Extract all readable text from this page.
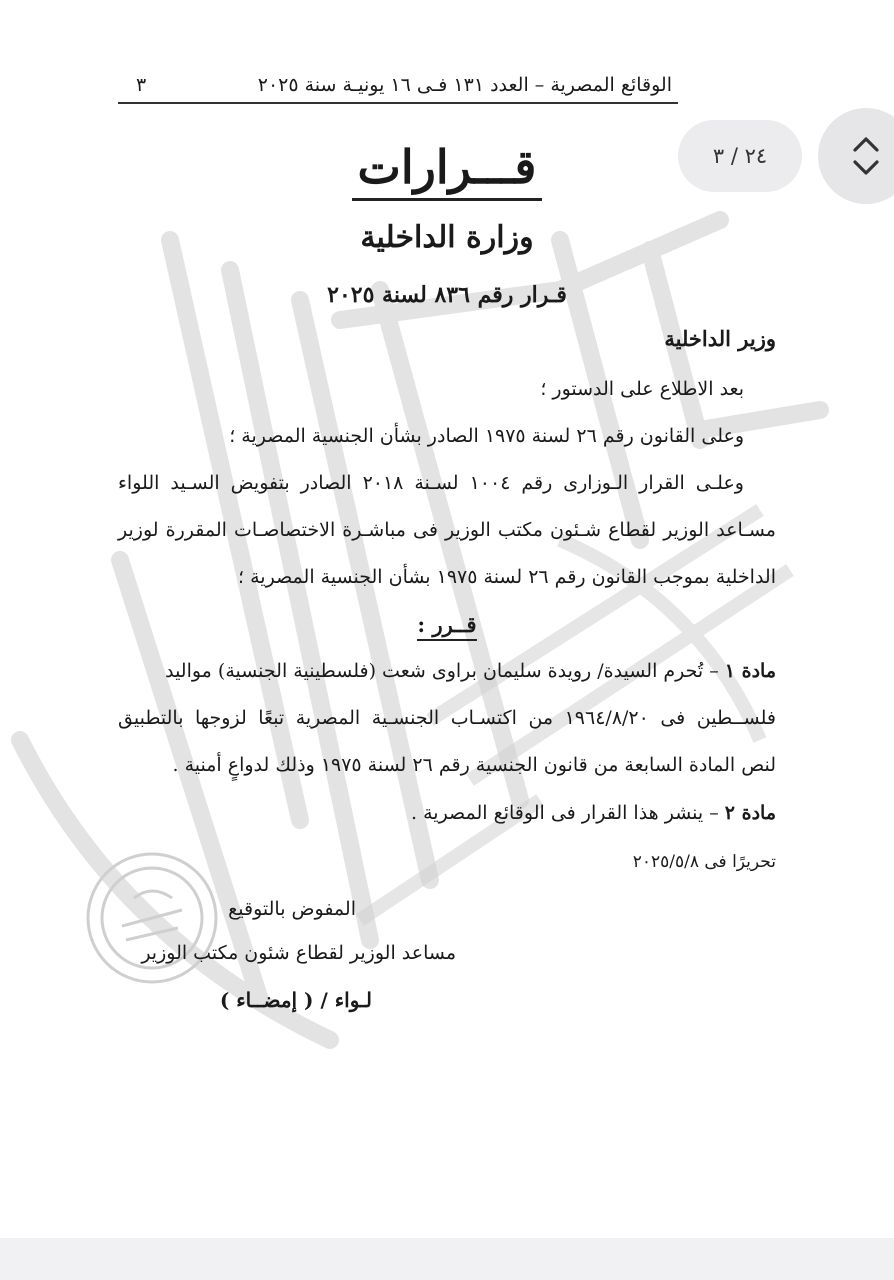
الوقائع المصرية – العدد ١٣١ فـى ١٦ يونيـة سنة ٢٠٢٥
٣
٢٤ / ٣
قـــرارات
وزارة الداخلية
قـرار رقم ٨٣٦ لسنة ٢٠٢٥
وزير الداخلية
بعد الاطلاع على الدستور ؛
وعلى القانون رقم ٢٦ لسنة ١٩٧٥ الصادر بشأن الجنسية المصرية ؛
وعلـى القرار الـوزارى رقم ١٠٠٤ لسـنة ٢٠١٨ الصادر بتفويض السـيد اللواء
مسـاعد الوزير لقطاع شـئون مكتب الوزير فى مباشـرة الاختصاصـات المقررة لوزير
الداخلية بموجب القانون رقم ٢٦ لسنة ١٩٧٥ بشأن الجنسية المصرية ؛
قــرر :
مادة ١ – تُحرم السيدة/ رويدة سليمان براوى شعت (فلسطينية الجنسية) مواليد
فلســطين فى ١٩٦٤/٨/٢٠ من اكتسـاب الجنسـية المصرية تبعًا لزوجها بالتطبيق
لنص المادة السابعة من قانون الجنسية رقم ٢٦ لسنة ١٩٧٥ وذلك لدواعٍ أمنية .
مادة ٢ – ينشر هذا القرار فى الوقائع المصرية .
تحريرًا فى ٢٠٢٥/٥/٨
المفوض بالتوقيع
مساعد الوزير لقطاع شئون مكتب الوزير
لـواء / ( إمضــاء )
